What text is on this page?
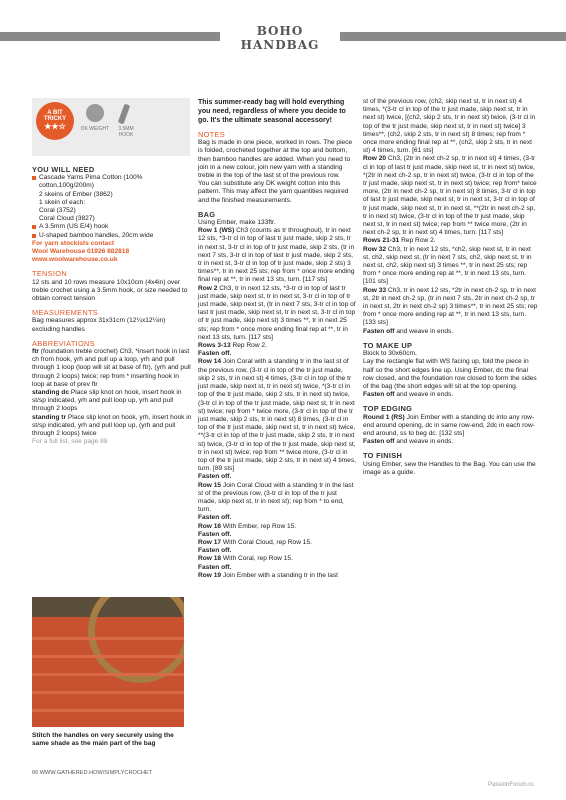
BOHO HANDBAG
A BIT
TRICKY
★★☆	DK WEIGHT	3.5MM HOOK
YOU WILL NEED
Cascade Yarns Pima Cotton (100% cotton,100g/200m)
2 skeins of Ember (3862)
1 skein of each:
Coral (3752)
Coral Cloud (3827)
A 3.5mm (US E/4) hook
U-shaped bamboo handles, 20cm wide
For yarn stockists contact
Wool Warehouse 01926 882818
www.woolwarehouse.co.uk
TENSION
12 sts and 10 rows measure 10x10cm (4x4in) over treble crochet using a 3.5mm hook, or size needed to obtain correct tension
MEASUREMENTS
Bag measures approx 31x31cm (12¼x12¼in) excluding handles
ABBREVIATIONS
ftr (foundation treble crochet) Ch3, *insert hook in last ch from hook, yrh and pull up a loop, yrh and pull through 1 loop (loop will sit at base of ftr), (yrh and pull through 2 loops) twice; rep from * inserting hook in loop at base of prev ftr
standing dc Place slip knot on hook, insert hook in st/sp indicated, yrh and pull loop up, yrh and pull through 2 loops
standing tr Place slip knot on hook, yrh, insert hook in st/sp indicated, yrh and pull loop up, (yrh and pull through 2 loops) twice
For a full list, see page 88
Stitch the handles on very securely using the same shade as the main part of the bag
This summer-ready bag will hold everything you need, regardless of where you decide to go. It's the ultimate seasonal accessory!
NOTES
Bag is made in one piece, worked in rows. The piece is folded, crocheted together at the top and bottom, then bamboo handles are added. When you need to join in a new colour, join new yarn with a standing treble in the top of the last st of the previous row.
You can substitute any DK weight cotton into this pattern. This may affect the yarn quantities required and the finished measurements.
BAG
Using Ember, make 133ftr.
Row 1 (WS) Ch3 (counts as tr throughout), tr in next 12 sts, *3-tr cl in top of last tr just made, skip 2 sts, tr in next st, 3-tr cl in top of tr just made, skip 2 sts, (tr in next 7 sts, 3-tr cl in top of last tr just made, skip 2 sts, tr in next st, 3-tr cl in top of tr just made, skip 2 sts) 3 times**, tr in next 25 sts; rep from * once more ending final rep at **, tr in next 13 sts, turn. [117 sts]
Row 2 Ch3, tr in next 12 sts, *3-tr cl in top of last tr just made, skip next st, tr in next st, 3-tr cl in top of tr just made, skip next st, (tr in next 7 sts, 3-tr cl in top of last tr just made, skip next st, tr in next st, 3-tr cl in top of tr just made, skip next st) 3 times **, tr in next 25 sts; rep from * once more ending final rep at **, tr in next 13 sts, turn. [117 sts]
Rows 3-13 Rep Row 2.
Fasten off.
Row 14 Join Coral with a standing tr in the last st of the previous row, (3-tr cl in top of the tr just made, skip 2 sts, tr in next st) 4 times, (3-tr cl in top of the tr just made, skip next st, tr in next st) twice, *(3-tr cl in top of the tr just made, skip 2 sts, tr in next st) twice, (3-tr cl in top of the tr just made, skip next st, tr in next st) twice; rep from * twice more, (3-tr cl in top of the tr just made, skip 2 sts, tr in next st) 8 times, (3-tr cl in top of the tr just made, skip next st, tr in next st) twice, **(3-tr cl in top of the tr just made, skip 2 sts, tr in next st) twice, (3-tr cl in top of the tr just made, skip next st, tr in next st) twice; rep from ** twice more, (3-tr cl in top of the tr just made, skip 2 sts, tr in next st) 4 times, turn. [89 sts]
Fasten off.
Row 15 Join Coral Cloud with a standing tr in the last st of the previous row, (3-tr cl in top of the tr just made, skip next st, tr in next st); rep from * to end, turn.
Fasten off.
Row 16 With Ember, rep Row 15.
Fasten off.
Row 17 With Coral Cloud, rep Row 15.
Fasten off.
Row 18 With Coral, rep Row 15.
Fasten off.
Row 19 Join Ember with a standing tr in the last
st of the previous row, (ch2, skip next st, tr in next st) 4 times, *(3-tr cl in top of the tr just made, skip next st, tr in next st) twice, [(ch2, skip 2 sts, tr in next st) twice, (3-tr cl in top of the tr just made, skip next st, tr in next st) twice] 3 times**, (ch2, skip 2 sts, tr in next st) 8 times; rep from * once more ending final rep at **, (ch2, skip 2 sts, tr in next st) 4 times, turn. [61 sts]
Row 20 Ch3, (2tr in next ch-2 sp, tr in next st) 4 times, (3-tr cl in top of last tr just made, skip next st, tr in next st) twice, *(2tr in next ch-2 sp, tr in next st) twice, (3-tr cl in top of the tr just made, skip next st, tr in next st) twice; rep from* twice more, (2tr in next ch-2 sp, tr in next st) 8 times, 3-tr cl in top of last tr just made, skip next st, tr in next st, 3-tr cl in top of tr just made, skip next st, tr in next st, **(2tr in next ch-2 sp, tr in next st) twice, (3-tr cl in top of the tr just made, skip next st, tr in next st) twice; rep from ** twice more, (2tr in next ch-2 sp, tr in next st) 4 times, turn. [117 sts]
Rows 21-31 Rep Row 2.
Row 32 Ch3, tr in next 12 sts, *ch2, skip next st, tr in next st, ch2, skip next st, (tr in next 7 sts, ch2, skip next st, tr in next st, ch2, skip next st) 3 times **, tr in next 25 sts; rep from * once more ending rep at **, tr in next 13 sts, turn.
[101 sts]
Row 33 Ch3, tr in next 12 sts, *2tr in next ch-2 sp, tr in next st, 2tr in next ch-2 sp, (tr in next 7 sts, 2tr in next ch-2 sp, tr in next st, 2tr in next ch-2 sp) 3 times**, tr in next 25 sts; rep from * once more ending rep at **, tr in next 13 sts, turn. [133 sts]
Fasten off and weave in ends.
TO MAKE UP
Block to 30x60cm.
Lay the rectangle flat with WS facing up, fold the piece in half so the short edges line up. Using Ember, dc the final row closed, and the foundation row closed to form the sides of the bag (the short edges will sit at the top opening.
Fasten off and weave in ends.
TOP EDGING
Round 1 (RS) Join Ember with a standing dc into any row-end around opening, dc in same row-end, 2dc in each row-end around, ss to beg dc. [132 sts]
Fasten off and weave in ends.
TO FINISH
Using Ember, sew the Handles to the Bag. You can use the image as a guide.
66 WWW.GATHERED.HOW/SIMPLYCROCHET
PassionForum.ru
